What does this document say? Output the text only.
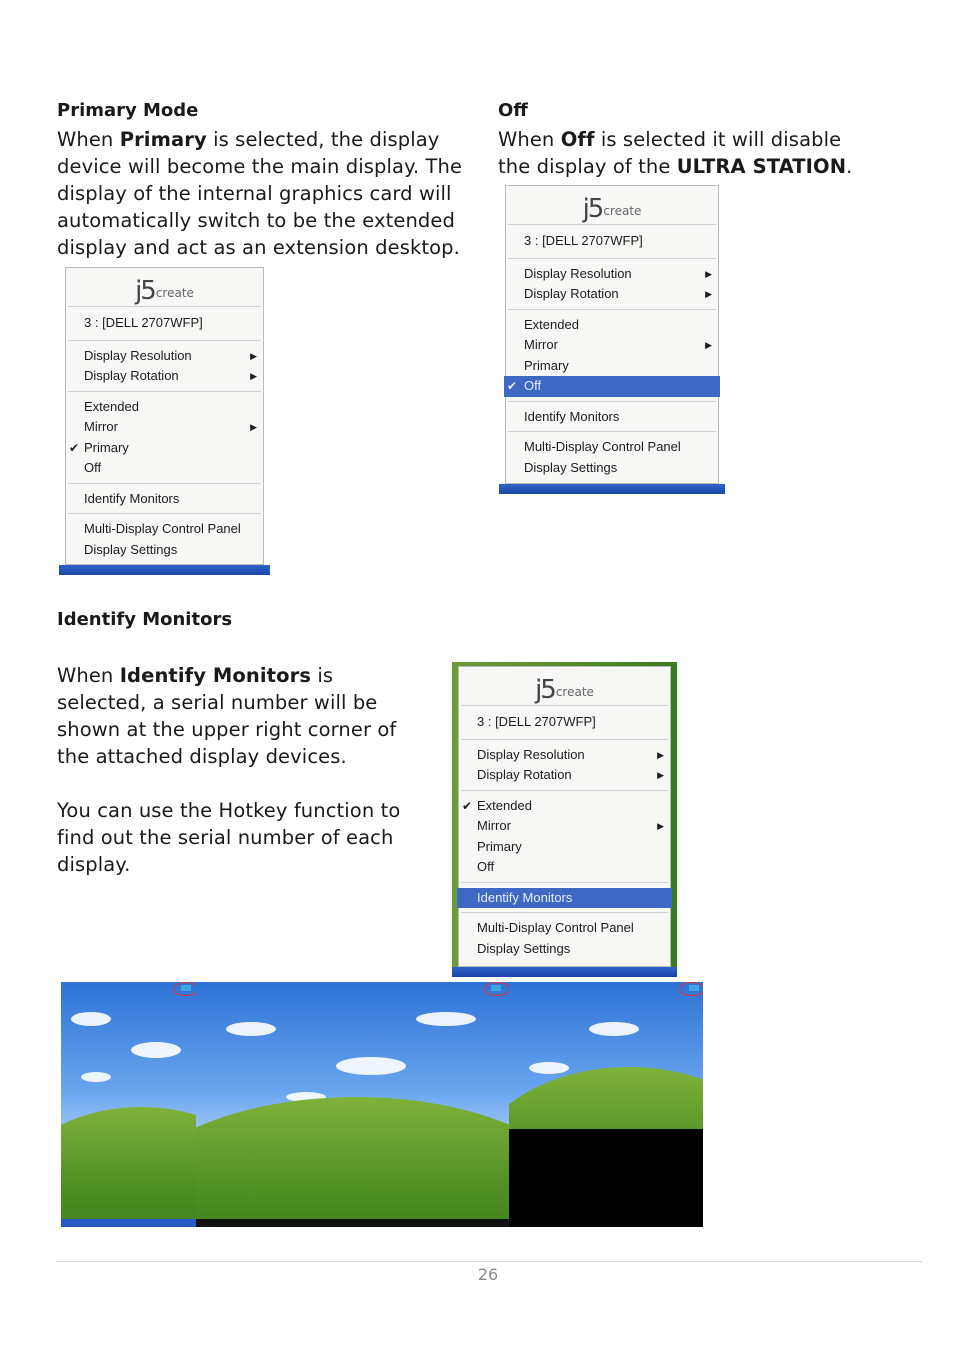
Primary Mode

When Primary is selected, the display device will become the main display. The display of the internal graphics card will automatically switch to be the extended display and act as an extension desktop.

j5 create
3 : [DELL 2707WFP]
Display Resolution	▶
Display Rotation	▶
Extended
Mirror	▶
✔ Primary
Off
Identify Monitors
Multi-Display Control Panel
Display Settings
Off

When Off is selected it will disable the display of the ULTRA STATION.

j5 create
3 : [DELL 2707WFP]
Display Resolution	▶
Display Rotation	▶
Extended
Mirror	▶
Primary
✔ Off
Identify Monitors
Multi-Display Control Panel
Display Settings
Identify Monitors

When Identify Monitors is selected, a serial number will be shown at the upper right corner of the attached display devices.

You can use the Hotkey function to find out the serial number of each display.

j5 create
3 : [DELL 2707WFP]
Display Resolution	▶
Display Rotation	▶
✔ Extended
Mirror	▶
Primary
Off
Identify Monitors
Multi-Display Control Panel
Display Settings
26
